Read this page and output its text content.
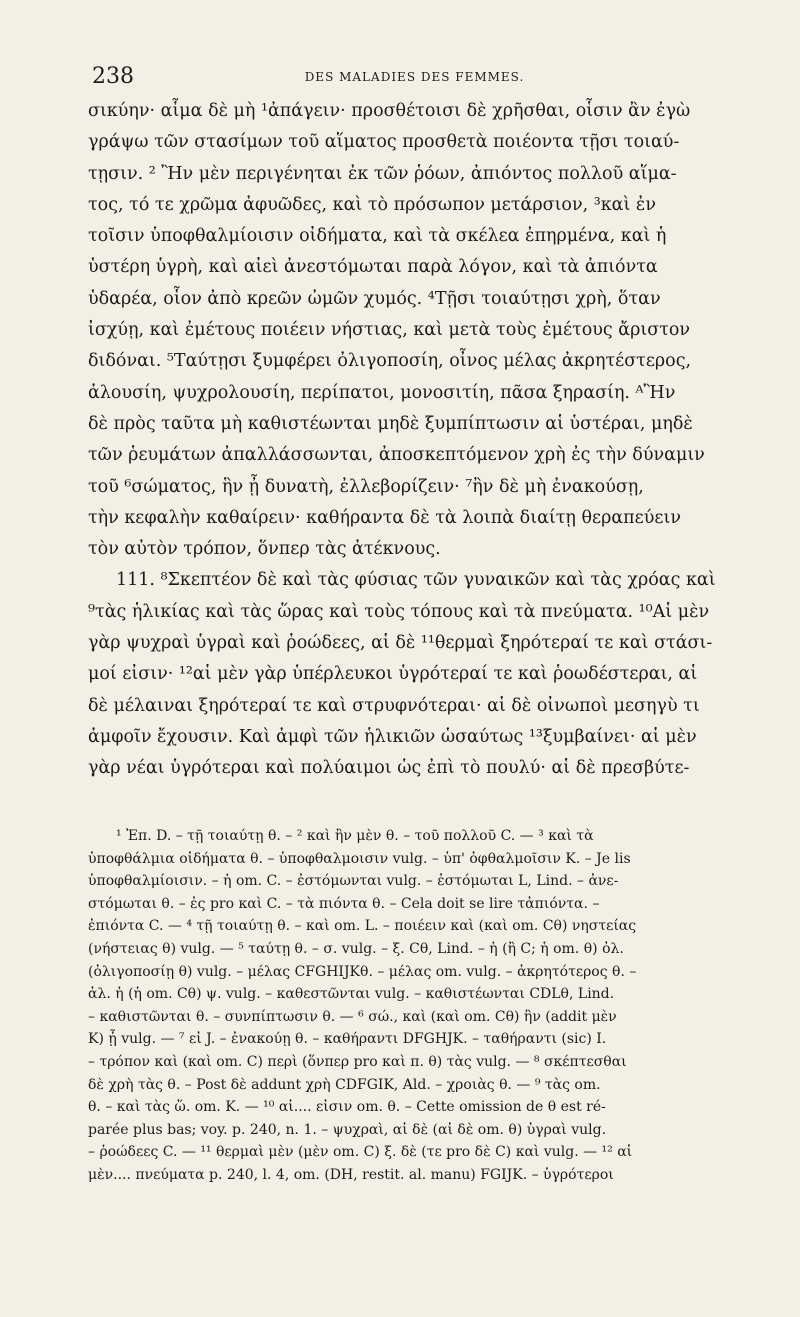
238	DES MALADIES DES FEMMES.
σικύην· αἷμα δὲ μὴ ¹ἀπάγειν· προσθέτοισι δὲ χρῆσθαι, οἷσιν ἂν ἐγὼ
γράψω τῶν στασίμων τοῦ αἵματος προσθετὰ ποιέοντα τῇσι τοιαύ-
τῃσιν. ² Ἢν μὲν περιγένηται ἐκ τῶν ῥόων, ἀπιόντος πολλοῦ αἵμα-
τος, τό τε χρῶμα ἀφυῶδες, καὶ τὸ πρόσωπον μετάρσιον, ³καὶ ἐν
τοῖσιν ὑποφθαλμίοισιν οἰδήματα, καὶ τὰ σκέλεα ἐπηρμένα, καὶ ἡ
ὑστέρη ὑγρὴ, καὶ αἰεὶ ἀνεστόμωται παρὰ λόγον, καὶ τὰ ἀπιόντα
ὑδαρέα, οἷον ἀπὸ κρεῶν ὠμῶν χυμός. ⁴Τῇσι τοιαύτῃσι χρὴ, ὅταν
ἰσχύῃ, καὶ ἐμέτους ποιέειν νήστιας, καὶ μετὰ τοὺς ἐμέτους ἄριστον
διδόναι. ⁵Ταύτῃσι ξυμφέρει ὀλιγοποσίη, οἶνος μέλας ἀκρητέστερος,
ἀλουσίη, ψυχρολουσίη, περίπατοι, μονοσιτίη, πᾶσα ξηρασίη. ᴬἪν
δὲ πρὸς ταῦτα μὴ καθιστέωνται μηδὲ ξυμπίπτωσιν αἱ ὑστέραι, μηδὲ
τῶν ῥευμάτων ἀπαλλάσσωνται, ἀποσκεπτόμενον χρὴ ἐς τὴν δύναμιν
τοῦ ⁶σώματος, ἣν ᾖ δυνατὴ, ἐλλεβορίζειν· ⁷ἢν δὲ μὴ ἐνακούσῃ,
τὴν κεφαλὴν καθαίρειν· καθήραντα δὲ τὰ λοιπὰ διαίτῃ θεραπεύειν
τὸν αὐτὸν τρόπον, ὅνπερ τὰς ἀτέκνους.
111. ⁸Σκεπτέον δὲ καὶ τὰς φύσιας τῶν γυναικῶν καὶ τὰς χρόας καὶ
⁹τὰς ἡλικίας καὶ τὰς ὥρας καὶ τοὺς τόπους καὶ τὰ πνεύματα. ¹⁰Αἱ μὲν
γὰρ ψυχραὶ ὑγραὶ καὶ ῥοώδεες, αἱ δὲ ¹¹θερμαὶ ξηρότεραί τε καὶ στάσι-
μοί εἰσιν· ¹²αἱ μὲν γὰρ ὑπέρλευκοι ὑγρότεραί τε καὶ ῥοωδέστεραι, αἱ
δὲ μέλαιναι ξηρότεραί τε καὶ στρυφνότεραι· αἱ δὲ οἰνωποὶ μεσηγὺ τι
ἀμφοῖν ἔχουσιν. Καὶ ἀμφὶ τῶν ἡλικιῶν ὡσαύτως ¹³ξυμβαίνει· αἱ μὲν
γὰρ νέαι ὑγρότεραι καὶ πολύαιμοι ὡς ἐπὶ τὸ πουλύ· αἱ δὲ πρεσβύτε-
¹ Ἐπ. D. – τῇ τοιαύτῃ θ. – ² καὶ ἢν μὲν θ. – τοῦ πολλοῦ C. — ³ καὶ τὰ
ὑποφθάλμια οἰδήματα θ. – ὑποφθαλμοισιν vulg. – ὑπ' ὀφθαλμοῖσιν K. – Je lis
ὑποφθαλμίοισιν. – ἡ om. C. – ἐστόμωνται vulg. – ἐστόμωται L, Lind. – ἀνε-
στόμωται θ. – ἐς pro καὶ C. – τὰ πιόντα θ. – Cela doit se lire τἀπιόντα. –
ἐπιόντα C. — ⁴ τῇ τοιαύτῃ θ. – καὶ om. L. – ποιέειν καὶ (καὶ om. Cθ) νηστείας
(νήστειας θ) vulg. — ⁵ ταύτῃ θ. – σ. vulg. – ξ. Cθ, Lind. – ἡ (ἢ C; ἡ om. θ) ὀλ.
(ὀλιγοποσίῃ θ) vulg. – μέλας CFGHIJKθ. – μέλας om. vulg. – ἀκρητότερος θ. –
ἀλ. ἡ (ἡ om. Cθ) ψ. vulg. – καθεστῶνται vulg. – καθιστέωνται CDLθ, Lind.
– καθιστῶνται θ. – συνπίπτωσιν θ. — ⁶ σώ., καὶ (καὶ om. Cθ) ἣν (addit μὲν
K) ᾖ vulg. — ⁷ εἰ J. – ἐνακούῃ θ. – καθήραντι DFGHJK. – ταθήραντι (sic) I.
– τρόπον καὶ (καὶ om. C) περὶ (ὅνπερ pro καὶ π. θ) τὰς vulg. — ⁸ σκέπτεσθαι
δὲ χρὴ τὰς θ. – Post δὲ addunt χρὴ CDFGIK, Ald. – χροιὰς θ. — ⁹ τὰς om.
θ. – καὶ τὰς ὥ. om. K. — ¹⁰ αἱ.... εἰσιν om. θ. – Cette omission de θ est ré-
parée plus bas; voy. p. 240, n. 1. – ψυχραὶ, αἱ δὲ (αἱ δὲ om. θ) ὑγραὶ vulg.
– ῥοώδεες C. — ¹¹ θερμαὶ μὲν (μὲν om. C) ξ. δὲ (τε pro δὲ C) καὶ vulg. — ¹² αἱ
μὲν.... πνεύματα p. 240, l. 4, om. (DH, restit. al. manu) FGIJK. – ὑγρότεροι
